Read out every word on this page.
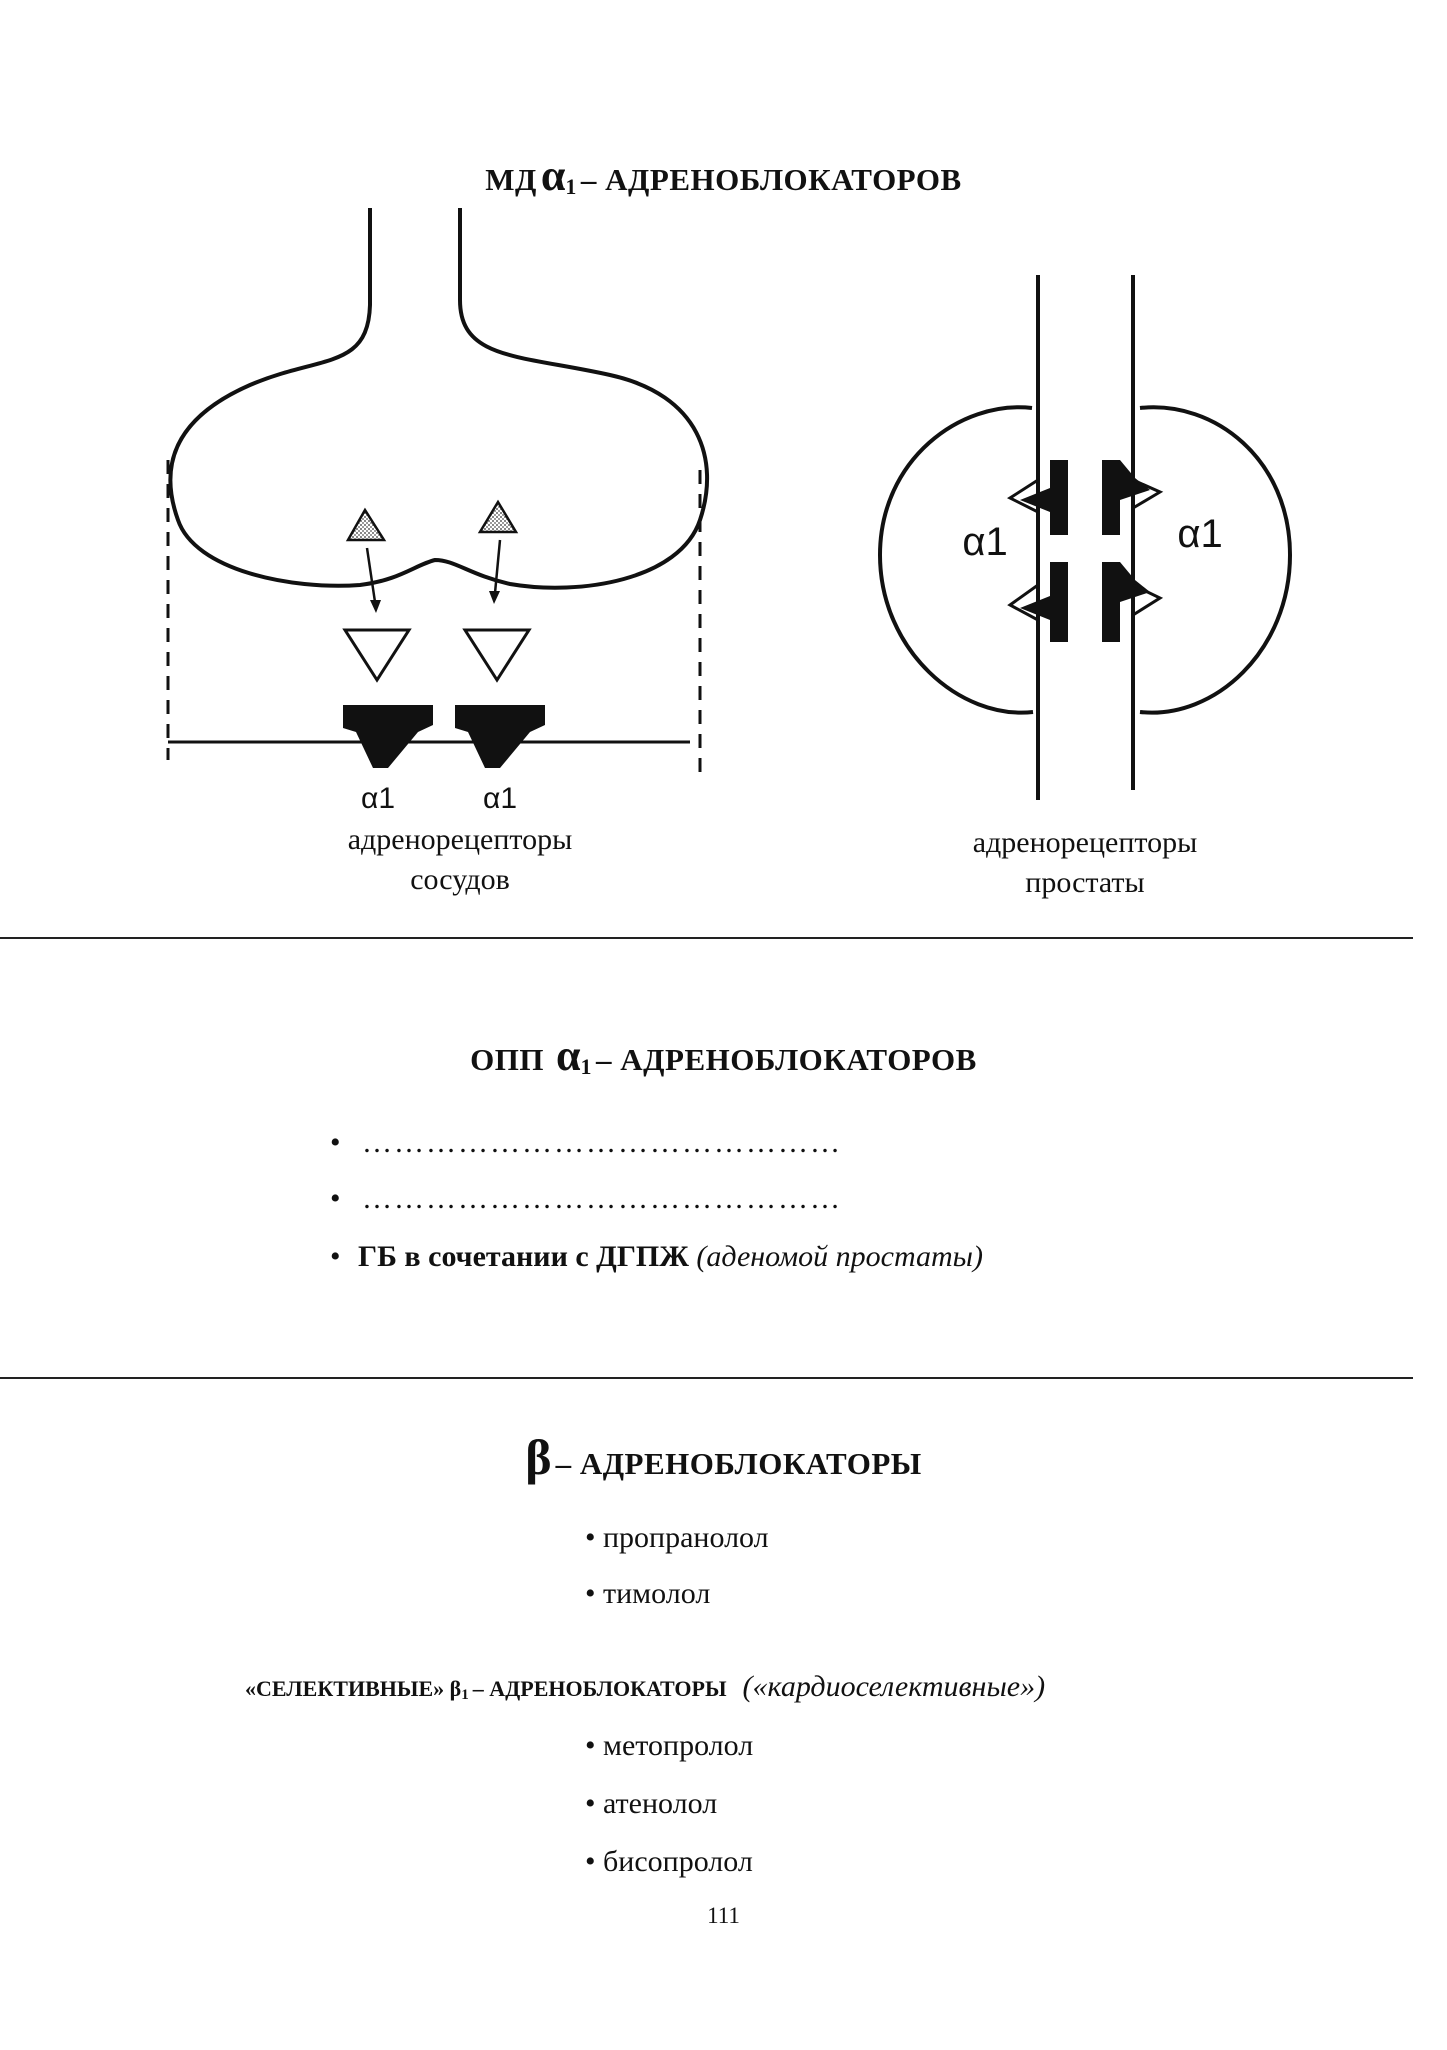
МД α1 – АДРЕНОБЛОКАТОРОВ
α1	α1
α1	α1
адренорецепторы
сосудов
адренорецепторы
простаты
ОПП α1 – АДРЕНОБЛОКАТОРОВ
• ………………………………………
• ………………………………………
• ГБ в сочетании с ДГПЖ (аденомой простаты)
β – АДРЕНОБЛОКАТОРЫ
• пропранолол
• тимолол
«СЕЛЕКТИВНЫЕ» β1 – АДРЕНОБЛОКАТОРЫ («кардиоселективные»)
• метопролол
• атенолол
• бисопролол
111
